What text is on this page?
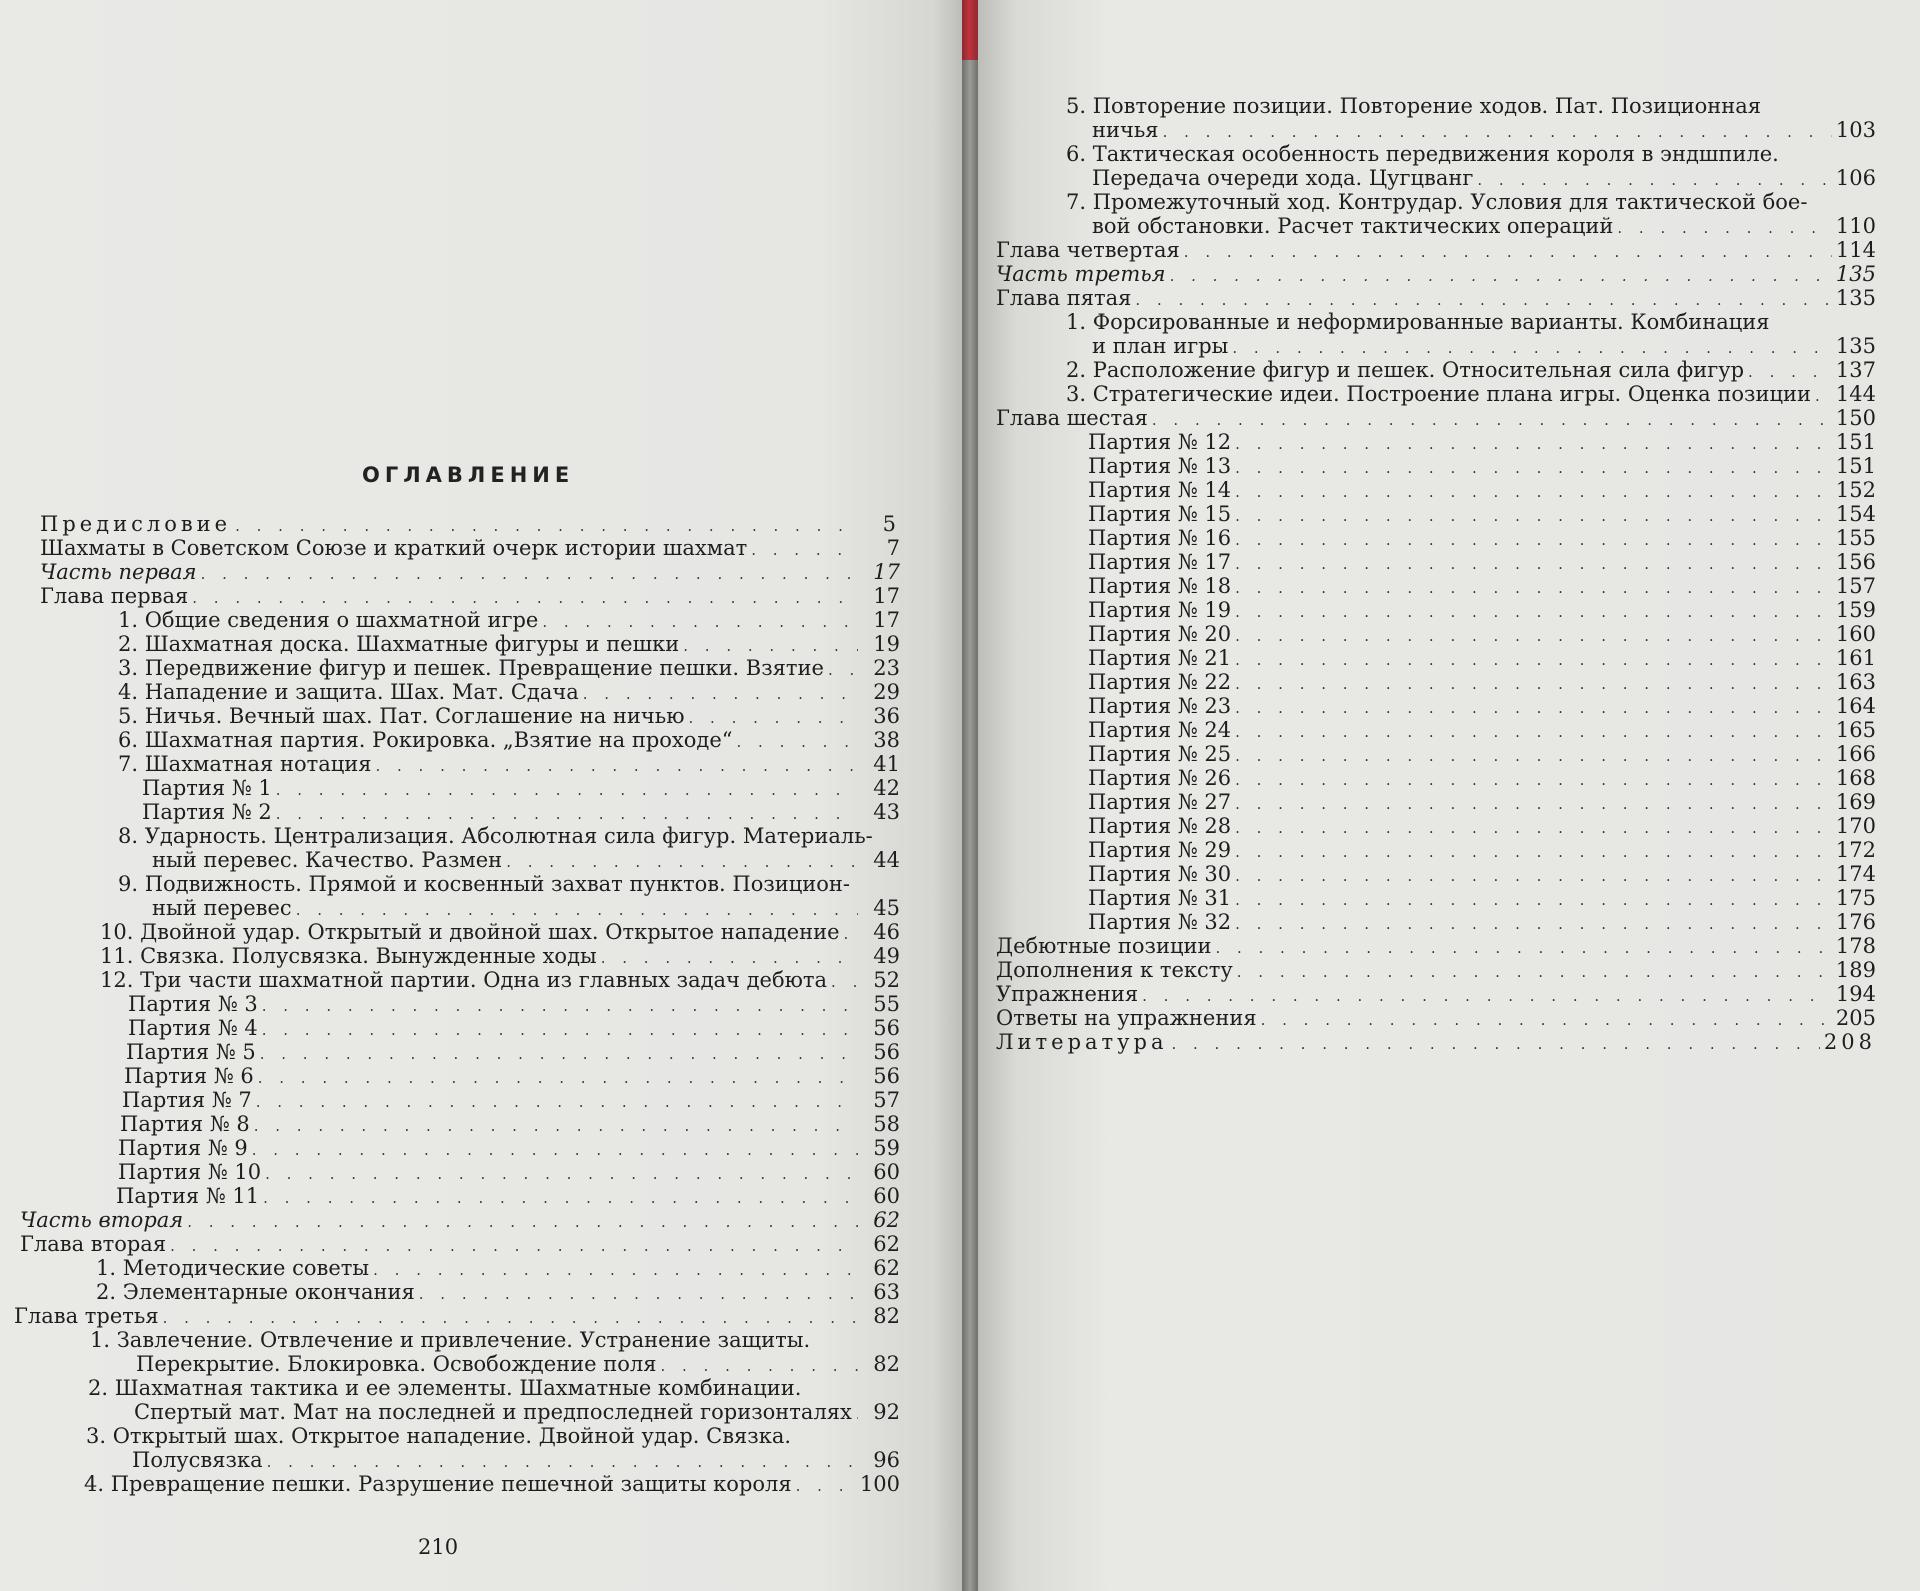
ОГЛАВЛЕНИЕ
Предисловие . . .	5
Шахматы в Советском Союзе и краткий очерк истории шахмат . . .	7
Часть первая . . .	17
Глава первая . . .	17
1. Общие сведения о шахматной игре . . .	17
2. Шахматная доска. Шахматные фигуры и пешки . . .	19
3. Передвижение фигур и пешек. Превращение пешки. Взятие . . .	23
4. Нападение и защита. Шах. Мат. Сдача . . .	29
5. Ничья. Вечный шах. Пат. Соглашение на ничью . . .	36
6. Шахматная партия. Рокировка. „Взятие на проходе“ . . .	38
7. Шахматная нотация . . .	41
Партия № 1 . . .	42
Партия № 2 . . .	43
8. Ударность. Централизация. Абсолютная сила фигур. Материаль-
ный перевес. Качество. Размен . . .	44
9. Подвижность. Прямой и косвенный захват пунктов. Позицион-
ный перевес . . .	45
10. Двойной удар. Открытый и двойной шах. Открытое нападение . . .	46
11. Связка. Полусвязка. Вынужденные ходы . . .	49
12. Три части шахматной партии. Одна из главных задач дебюта . . .	52
Партия № 3 . . .	55
Партия № 4 . . .	56
Партия № 5 . . .	56
Партия № 6 . . .	56
Партия № 7 . . .	57
Партия № 8 . . .	58
Партия № 9 . . .	59
Партия № 10 . . .	60
Партия № 11 . . .	60
Часть вторая . . .	62
Глава вторая . . .	62
1. Методические советы . . .	62
2. Элементарные окончания . . .	63
Глава третья . . .	82
1. Завлечение. Отвлечение и привлечение. Устранение защиты.
Перекрытие. Блокировка. Освобождение поля . . .	82
2. Шахматная тактика и ее элементы. Шахматные комбинации.
Спертый мат. Мат на последней и предпоследней горизонталях . . .	92
3. Открытый шах. Открытое нападение. Двойной удар. Связка.
Полусвязка . . .	96
4. Превращение пешки. Разрушение пешечной защиты короля . . .	100
210
5. Повторение позиции. Повторение ходов. Пат. Позиционная
ничья . . .	103
6. Тактическая особенность передвижения короля в эндшпиле.
Передача очереди хода. Цугцванг . . .	106
7. Промежуточный ход. Контрудар. Условия для тактической бое-
вой обстановки. Расчет тактических операций . . .	110
Глава четвертая . . .	114
Часть третья . . .	135
Глава пятая . . .	135
1. Форсированные и неформированные варианты. Комбинация
и план игры . . .	135
2. Расположение фигур и пешек. Относительная сила фигур . . .	137
3. Стратегические идеи. Построение плана игры. Оценка позиции . . . 144
Глава шестая . . .	150
Партия № 12 . . .	151
Партия № 13 . . .	151
Партия № 14 . . .	152
Партия № 15 . . .	154
Партия № 16 . . .	155
Партия № 17 . . .	156
Партия № 18 . . .	157
Партия № 19 . . .	159
Партия № 20 . . .	160
Партия № 21 . . .	161
Партия № 22 . . .	163
Партия № 23 . . .	164
Партия № 24 . . .	165
Партия № 25 . . .	166
Партия № 26 . . .	168
Партия № 27 . . .	169
Партия № 28 . . .	170
Партия № 29 . . .	172
Партия № 30 . . .	174
Партия № 31 . . .	175
Партия № 32 . . .	176
Дебютные позиции . . .	178
Дополнения к тексту . . .	189
Упражнения . . .	194
Ответы на упражнения . . .	205
Литература . . .	208
